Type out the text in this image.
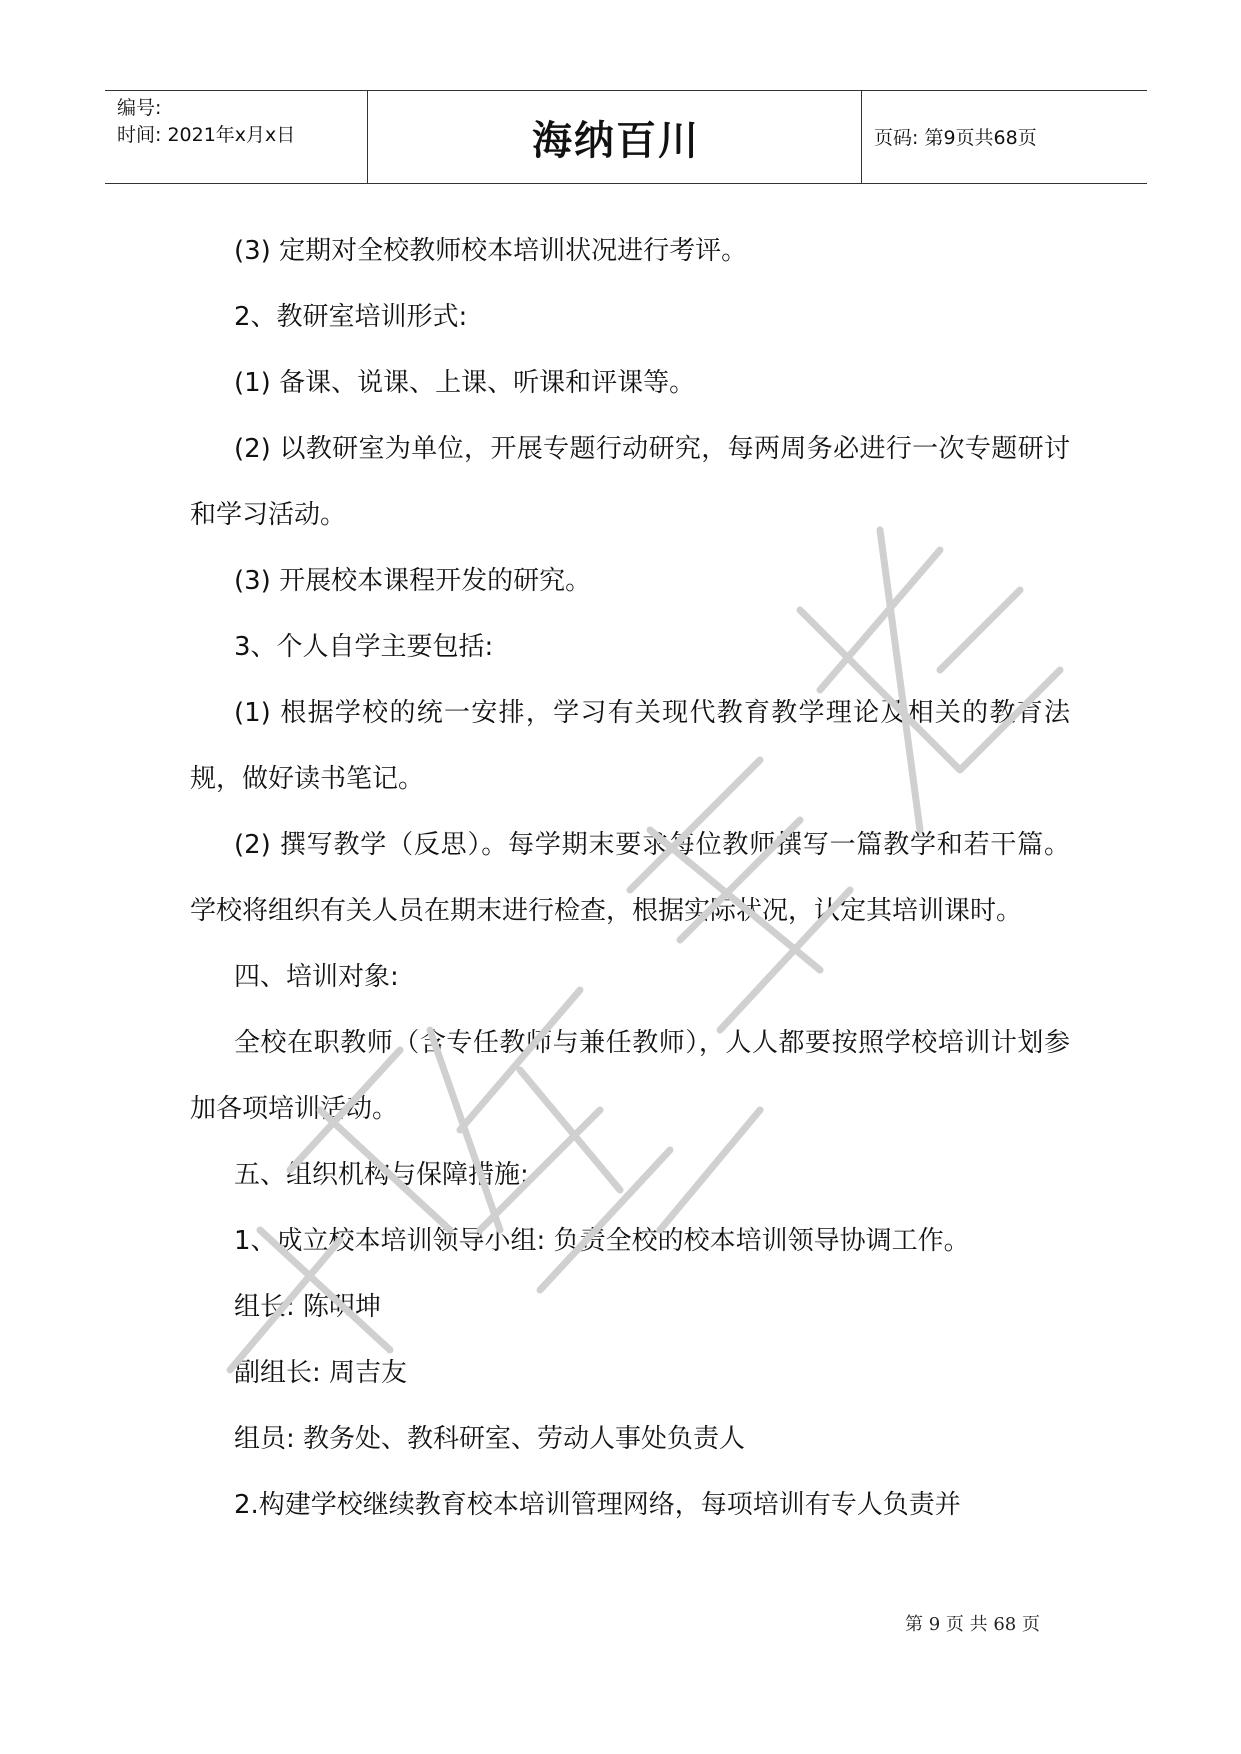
编号:
时间: 2021年x月x日	海纳百川	页码: 第9页共68页

(3) 定期对全校教师校本培训状况进行考评。

2、教研室培训形式:

(1) 备课、说课、上课、听课和评课等。

(2) 以教研室为单位，开展专题行动研究，每两周务必进行一次专题研讨和学习活动。

(3) 开展校本课程开发的研究。

3、个人自学主要包括:

(1) 根据学校的统一安排，学习有关现代教育教学理论及相关的教育法规，做好读书笔记。

(2) 撰写教学（反思）。每学期末要求每位教师撰写一篇教学和若干篇。学校将组织有关人员在期末进行检查，根据实际状况，认定其培训课时。

四、培训对象:

全校在职教师（含专任教师与兼任教师），人人都要按照学校培训计划参加各项培训活动。

五、组织机构与保障措施:

1、成立校本培训领导小组: 负责全校的校本培训领导协调工作。

组长: 陈明坤

副组长: 周吉友

组员: 教务处、教科研室、劳动人事处负责人

2.构建学校继续教育校本培训管理网络，每项培训有专人负责并

第 9 页 共 68 页
